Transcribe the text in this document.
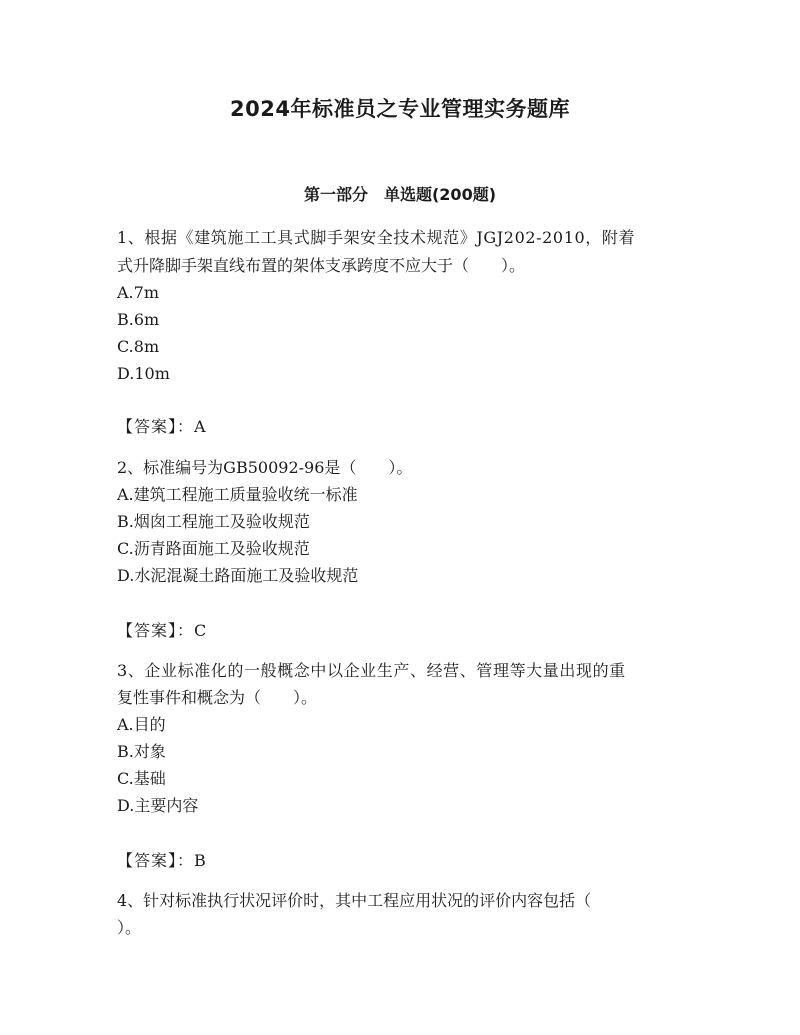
2024年标准员之专业管理实务题库
第一部分　单选题(200题)
1、根据《建筑施工工具式脚手架安全技术规范》JGJ202-2010，附着
式升降脚手架直线布置的架体支承跨度不应大于（　　）。
A.7m
B.6m
C.8m
D.10m
【答案】：A
2、标准编号为GB50092-96是（　　）。
A.建筑工程施工质量验收统一标准
B.烟囱工程施工及验收规范
C.沥青路面施工及验收规范
D.水泥混凝土路面施工及验收规范
【答案】：C
3、企业标准化的一般概念中以企业生产、经营、管理等大量出现的重
复性事件和概念为（　　）。
A.目的
B.对象
C.基础
D.主要内容
【答案】：B
4、针对标准执行状况评价时，其中工程应用状况的评价内容包括（
）。
